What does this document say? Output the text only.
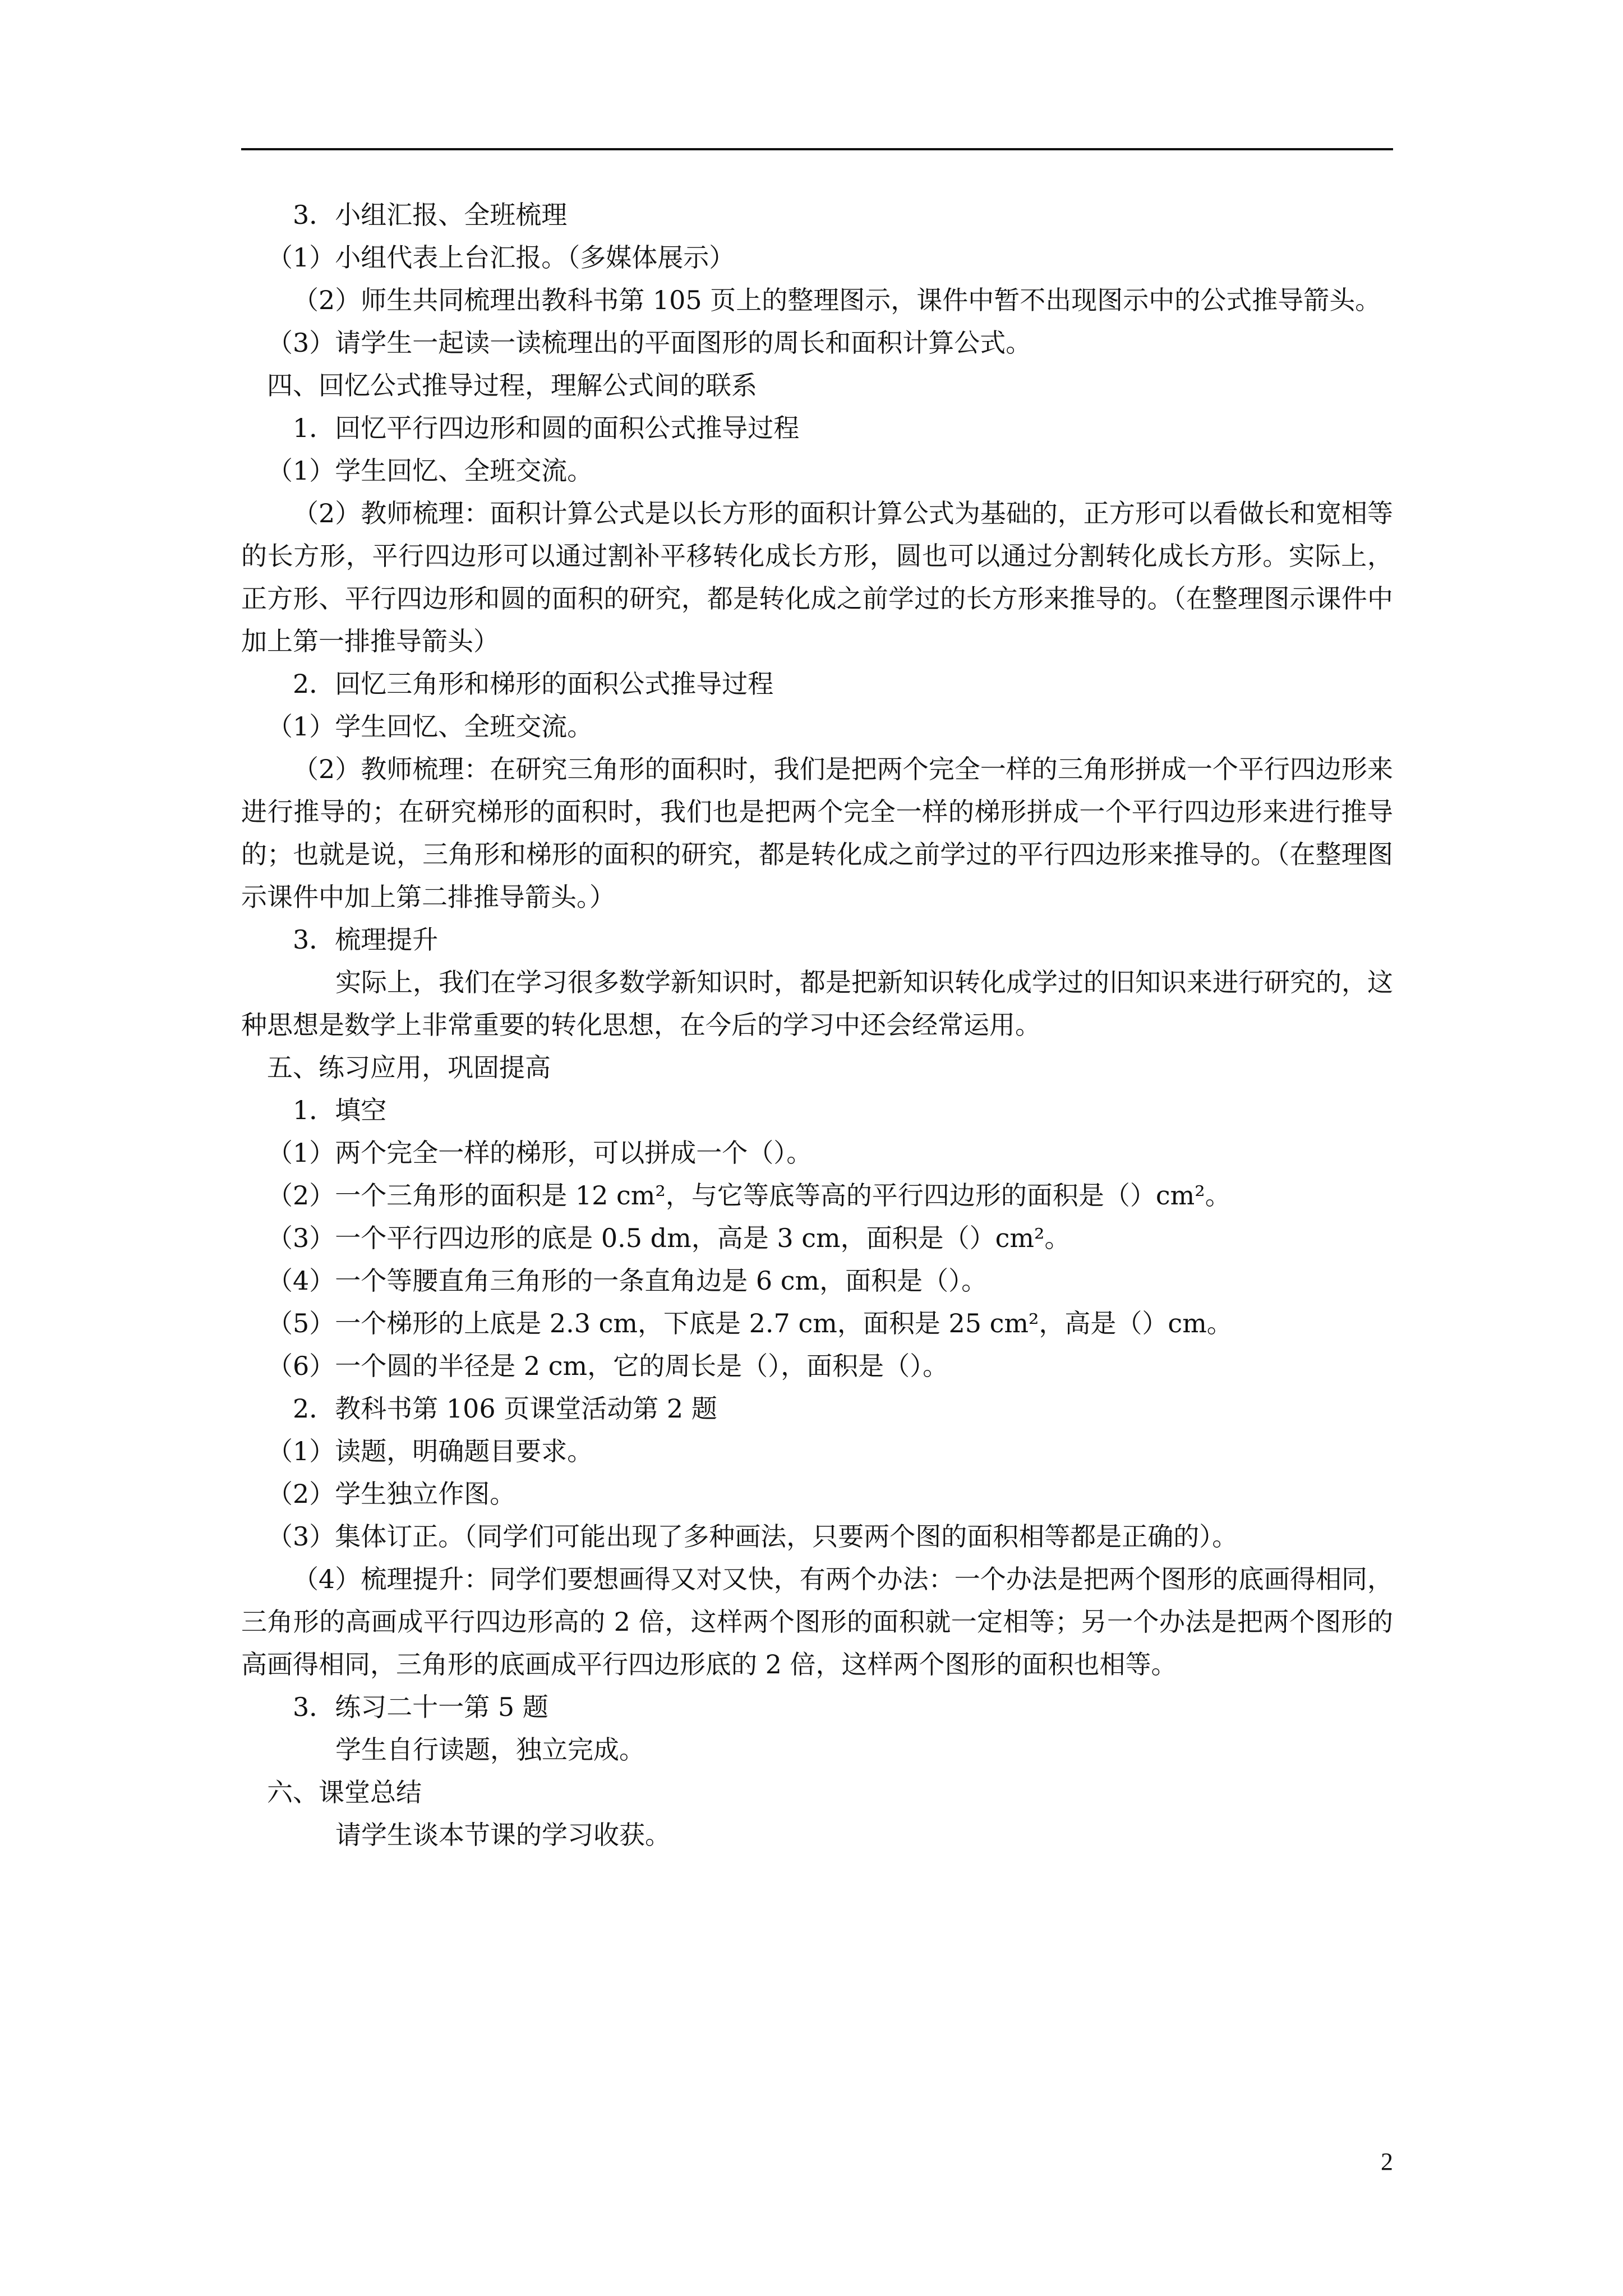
3．小组汇报、全班梳理
（1）小组代表上台汇报。（多媒体展示）
（2）师生共同梳理出教科书第 105 页上的整理图示，课件中暂不出现图示中的公式推导箭头。
（3）请学生一起读一读梳理出的平面图形的周长和面积计算公式。
四、回忆公式推导过程，理解公式间的联系
1．回忆平行四边形和圆的面积公式推导过程
（1）学生回忆、全班交流。
（2）教师梳理：面积计算公式是以长方形的面积计算公式为基础的，正方形可以看做长和宽相等的长方形，平行四边形可以通过割补平移转化成长方形，圆也可以通过分割转化成长方形。实际上，正方形、平行四边形和圆的面积的研究，都是转化成之前学过的长方形来推导的。（在整理图示课件中加上第一排推导箭头）
2．回忆三角形和梯形的面积公式推导过程
（1）学生回忆、全班交流。
（2）教师梳理：在研究三角形的面积时，我们是把两个完全一样的三角形拼成一个平行四边形来进行推导的；在研究梯形的面积时，我们也是把两个完全一样的梯形拼成一个平行四边形来进行推导的；也就是说，三角形和梯形的面积的研究，都是转化成之前学过的平行四边形来推导的。（在整理图示课件中加上第二排推导箭头。）
3．梳理提升
实际上，我们在学习很多数学新知识时，都是把新知识转化成学过的旧知识来进行研究的，这种思想是数学上非常重要的转化思想，在今后的学习中还会经常运用。
五、练习应用，巩固提高
1．填空
（1）两个完全一样的梯形，可以拼成一个（）。
（2）一个三角形的面积是 12 cm²，与它等底等高的平行四边形的面积是（）cm²。
（3）一个平行四边形的底是 0.5 dm，高是 3 cm，面积是（）cm²。
（4）一个等腰直角三角形的一条直角边是 6 cm，面积是（）。
（5）一个梯形的上底是 2.3 cm，下底是 2.7 cm，面积是 25 cm²，高是（）cm。
（6）一个圆的半径是 2 cm，它的周长是（），面积是（）。
2．教科书第 106 页课堂活动第 2 题
（1）读题，明确题目要求。
（2）学生独立作图。
（3）集体订正。（同学们可能出现了多种画法，只要两个图的面积相等都是正确的）。
（4）梳理提升：同学们要想画得又对又快，有两个办法：一个办法是把两个图形的底画得相同，三角形的高画成平行四边形高的 2 倍，这样两个图形的面积就一定相等；另一个办法是把两个图形的高画得相同，三角形的底画成平行四边形底的 2 倍，这样两个图形的面积也相等。
3．练习二十一第 5 题
学生自行读题，独立完成。
六、课堂总结
请学生谈本节课的学习收获。
2
